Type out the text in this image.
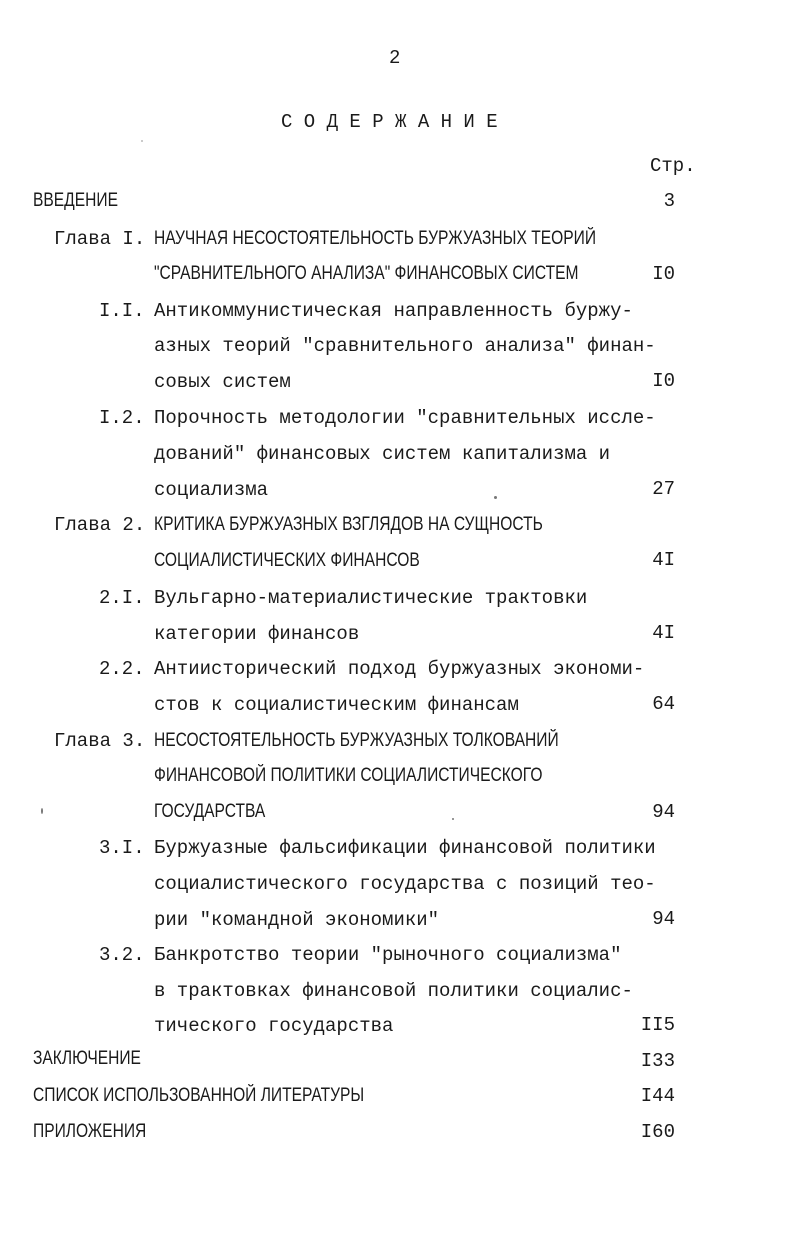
2
С О Д Е Р Ж А Н И Е
Стр.
ВВЕДЕНИЕ	3
Глава I. НАУЧНАЯ НЕСОСТОЯТЕЛЬНОСТЬ БУРЖУАЗНЫХ ТЕОРИЙ
"СРАВНИТЕЛЬНОГО АНАЛИЗА" ФИНАНСОВЫХ СИСТЕМ	I0
I.I. Антикоммунистическая направленность буржу-
азных теорий "сравнительного анализа" финан-
совых систем	I0
I.2. Порочность методологии "сравнительных иссле-
дований" финансовых систем капитализма и
социализма	27
Глава 2. КРИТИКА БУРЖУАЗНЫХ ВЗГЛЯДОВ НА СУЩНОСТЬ
СОЦИАЛИСТИЧЕСКИХ ФИНАНСОВ	4I
2.I. Вульгарно-материалистические трактовки
категории финансов	4I
2.2. Антиисторический подход буржуазных экономи-
стов к социалистическим финансам	64
Глава 3. НЕСОСТОЯТЕЛЬНОСТЬ БУРЖУАЗНЫХ ТОЛКОВАНИЙ
ФИНАНСОВОЙ ПОЛИТИКИ СОЦИАЛИСТИЧЕСКОГО
ГОСУДАРСТВА	94
3.I. Буржуазные фальсификации финансовой политики
социалистического государства с позиций тео-
рии "командной экономики"	94
3.2. Банкротство теории "рыночного социализма"
в трактовках финансовой политики социалис-
тического государства	II5
ЗАКЛЮЧЕНИЕ	I33
СПИСОК ИСПОЛЬЗОВАННОЙ ЛИТЕРАТУРЫ	I44
ПРИЛОЖЕНИЯ	I60
